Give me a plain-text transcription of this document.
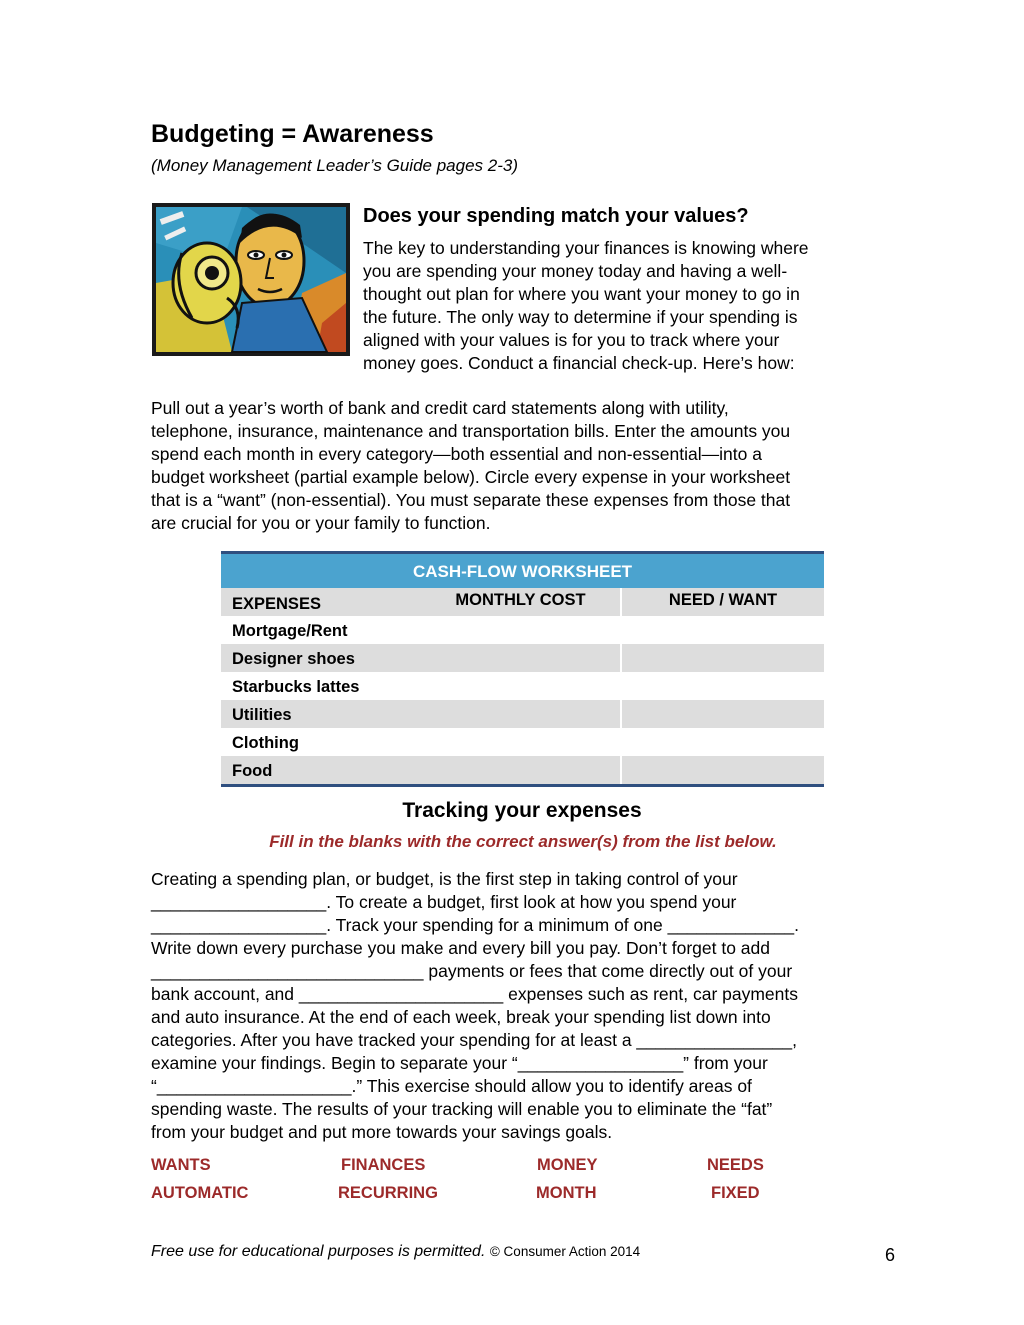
Budgeting = Awareness
(Money Management Leader’s Guide pages 2-3)
Does your spending match your values?
The key to understanding your finances is knowing where
you are spending your money today and having a well-
thought out plan for where you want your money to go in
the future. The only way to determine if your spending is
aligned with your values is for you to track where your
money goes. Conduct a financial check-up. Here’s how:
Pull out a year’s worth of bank and credit card statements along with utility,
telephone, insurance, maintenance and transportation bills. Enter the amounts you
spend each month in every category—both essential and non-essential—into a
budget worksheet (partial example below). Circle every expense in your worksheet
that is a “want” (non-essential). You must separate these expenses from those that
are crucial for you or your family to function.
CASH-FLOW WORKSHEET
EXPENSES	MONTHLY COST	NEED / WANT
Mortgage/Rent
Designer shoes
Starbucks lattes
Utilities
Clothing
Food
Tracking your expenses
Fill in the blanks with the correct answer(s) from the list below.
Creating a spending plan, or budget, is the first step in taking control of your
__________________. To create a budget, first look at how you spend your
__________________. Track your spending for a minimum of one _____________.
Write down every purchase you make and every bill you pay. Don’t forget to add
____________________________ payments or fees that come directly out of your
bank account, and _____________________ expenses such as rent, car payments
and auto insurance. At the end of each week, break your spending list down into
categories. After you have tracked your spending for at least a ________________,
examine your findings. Begin to separate your “_________________” from your
“____________________.” This exercise should allow you to identify areas of
spending waste. The results of your tracking will enable you to eliminate the “fat”
from your budget and put more towards your savings goals.
WANTS	FINANCES	MONEY	NEEDS
AUTOMATIC	RECURRING	MONTH	FIXED
Free use for educational purposes is permitted. © Consumer Action 2014	6
